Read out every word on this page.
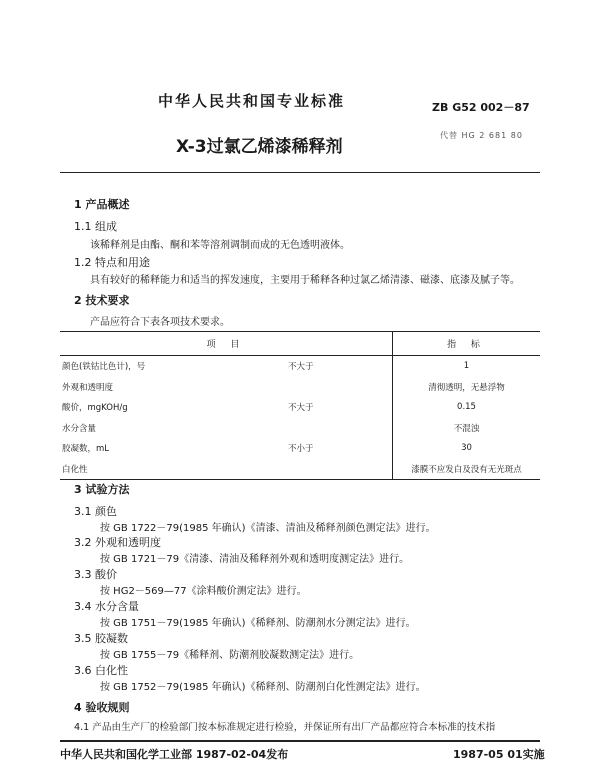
中华人民共和国专业标准	ZB G52 002－87
X-3过氯乙烯漆稀释剂
代替 HG 2 681 80
1 产品概述
1.1 组成
该稀释剂是由酯、酮和苯等溶剂调制而成的无色透明液体。
1.2 特点和用途
具有较好的稀释能力和适当的挥发速度，主要用于稀释各种过氯乙烯清漆、磁漆、底漆及腻子等。
2 技术要求
产品应符合下表各项技术要求。
项 目		指 标
颜色(铁钴比色计)，号	不大于	1
外观和透明度		清彻透明，无悬浮物
酸价，mgKOH/g	不大于	0.15
水分含量		不混浊
胶凝数，mL	不小于	30
白化性		漆膜不应发白及没有无光斑点
3 试验方法
3.1 颜色
按 GB 1722－79(1985 年确认)《清漆、清油及稀释剂颜色测定法》进行。
3.2 外观和透明度
按 GB 1721－79《清漆、清油及稀释剂外观和透明度测定法》进行。
3.3 酸价
按 HG2－569—77《涂料酸价测定法》进行。
3.4 水分含量
按 GB 1751－79(1985 年确认)《稀释剂、防潮剂水分测定法》进行。
3.5 胶凝数
按 GB 1755－79《稀释剂、防潮剂胶凝数测定法》进行。
3.6 白化性
按 GB 1752－79(1985 年确认)《稀释剂、防潮剂白化性测定法》进行。
4 验收规则
4.1 产品由生产厂的检验部门按本标准规定进行检验，并保证所有出厂产品都应符合本标准的技术指
中华人民共和国化学工业部 1987-02-04发布	1987-05 01实施
